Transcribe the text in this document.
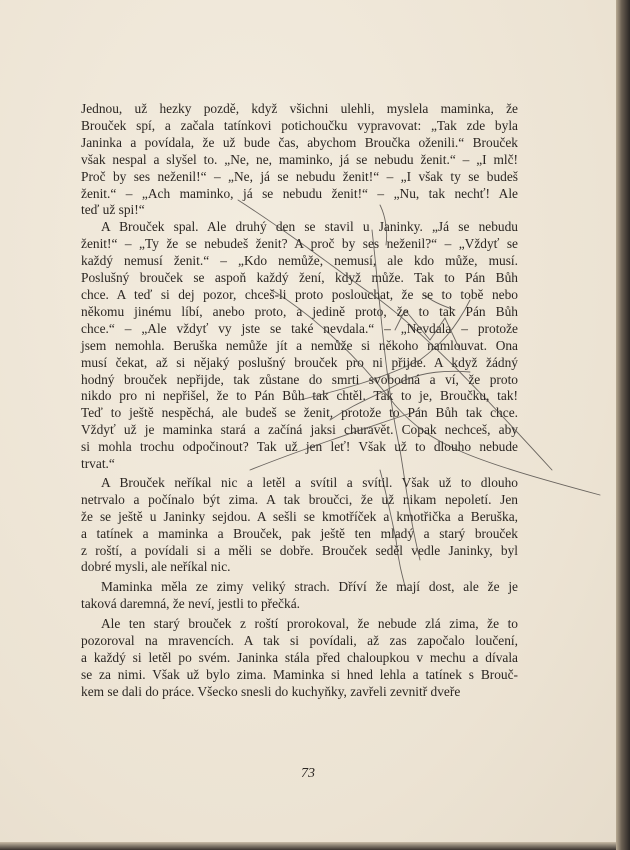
Jednou, už hezky pozdě, když všichni ulehli, myslela maminka, že
Brouček spí, a začala tatínkovi potichoučku vypravovat: „Tak zde byla
Janinka a povídala, že už bude čas, abychom Broučka oženili.“ Brouček
však nespal a slyšel to. „Ne, ne, maminko, já se nebudu ženit.“ – „I mlč!
Proč by ses neženil!“ – „Ne, já se nebudu ženit!“ – „I však ty se budeš
ženit.“ – „Ach maminko, já se nebudu ženit!“ – „Nu, tak nechť! Ale
teď už spi!“
A Brouček spal. Ale druhý den se stavil u Janinky. „Já se nebudu
ženit!“ – „Ty že se nebudeš ženit? A proč by ses neženil?“ – „Vždyť se
každý nemusí ženit.“ – „Kdo nemůže, nemusí, ale kdo může, musí.
Poslušný brouček se aspoň každý žení, když může. Tak to Pán Bůh
chce. A teď si dej pozor, chceš-li proto poslouchat, že se to tobě nebo
někomu jinému líbí, anebo proto, a jedině proto, že to tak Pán Bůh
chce.“ – „Ale vždyť vy jste se také nevdala.“ – „Nevdala – protože
jsem nemohla. Beruška nemůže jít a nemůže si někoho namlouvat. Ona
musí čekat, až si nějaký poslušný brouček pro ni přijde. A když žádný
hodný brouček nepřijde, tak zůstane do smrti svobodná a ví, že proto
nikdo pro ni nepřišel, že to Pán Bůh tak chtěl. Tak to je, Broučku, tak!
Teď to ještě nespěchá, ale budeš se ženit, protože to Pán Bůh tak chce.
Vždyť už je maminka stará a začíná jaksi churavět. Copak nechceš, aby
si mohla trochu odpočinout? Tak už jen leť! Však už to dlouho nebude
trvat.“
A Brouček neříkal nic a letěl a svítil a svítil. Však už to dlouho
netrvalo a počínalo být zima. A tak broučci, že už nikam nepoletí. Jen
že se ještě u Janinky sejdou. A sešli se kmotříček a kmotřička a Beruška,
a tatínek a maminka a Brouček, pak ještě ten mladý a starý brouček
z roští, a povídali si a měli se dobře. Brouček seděl vedle Janinky, byl
dobré mysli, ale neříkal nic.
Maminka měla ze zimy veliký strach. Dříví že mají dost, ale že je
taková daremná, že neví, jestli to přečká.
Ale ten starý brouček z roští prorokoval, že nebude zlá zima, že to
pozoroval na mravencích. A tak si povídali, až zas započalo loučení,
a každý si letěl po svém. Janinka stála před chaloupkou v mechu a dívala
se za nimi. Však už bylo zima. Maminka si hned lehla a tatínek s Brouč-
kem se dali do práce. Všecko snesli do kuchyňky, zavřeli zevnitř dveře
73
